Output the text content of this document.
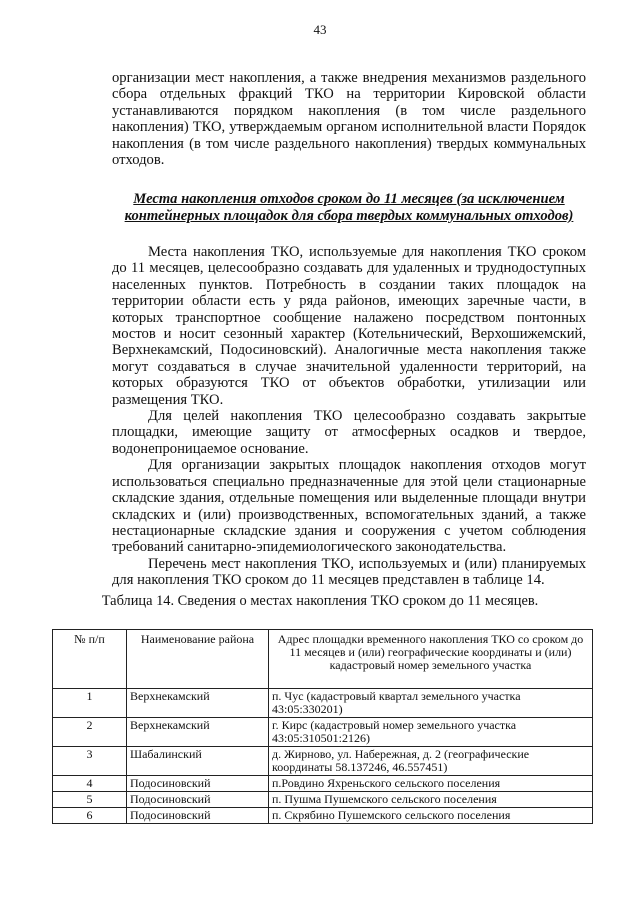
43

организации мест накопления, а также внедрения механизмов раздельного сбора отдельных фракций ТКО на территории Кировской области устанавливаются порядком накопления (в том числе раздельного накопления) ТКО, утверждаемым органом исполнительной власти Порядок накопления (в том числе раздельного накопления) твердых коммунальных отходов.

Места накопления отходов сроком до 11 месяцев (за исключением контейнерных площадок для сбора твердых коммунальных отходов)

Места накопления ТКО, используемые для накопления ТКО сроком до 11 месяцев, целесообразно создавать для удаленных и труднодоступных населенных пунктов. Потребность в создании таких площадок на территории области есть у ряда районов, имеющих заречные части, в которых транспортное сообщение налажено посредством понтонных мостов и носит сезонный характер (Котельничеcкий, Верхошижемский, Верхнекамский, Подосиновский). Аналогичные места накопления также могут создаваться в случае значительной удаленности территорий, на которых образуются ТКО от объектов обработки, утилизации или размещения ТКО.

Для целей накопления ТКО целесообразно создавать закрытые площадки, имеющие защиту от атмосферных осадков и твердое, водонепроницаемое основание.

Для организации закрытых площадок накопления отходов могут использоваться специально предназначенные для этой цели стационарные складские здания, отдельные помещения или выделенные площади внутри складских и (или) производственных, вспомогательных зданий, а также нестационарные складские здания и сооружения с учетом соблюдения требований санитарно-эпидемиологического законодательства.

Перечень мест накопления ТКО, используемых и (или) планируемых для накопления ТКО сроком до 11 месяцев представлен в таблице 14.

Таблица 14. Сведения о местах накопления ТКО сроком до 11 месяцев.
№ п/п	Наименование района	Адрес площадки временного накопления ТКО со сроком до 11 месяцев и (или) географические координаты и (или) кадастровый номер земельного участка
1	Верхнекамский	п. Чус (кадастровый квартал земельного участка 43:05:330201)
2	Верхнекамский	г. Кирс (кадастровый номер земельного участка 43:05:310501:2126)
3	Шабалинский	д. Жирново, ул. Набережная, д. 2 (географические координаты 58.137246, 46.557451)
4	Подосиновский	п.Ровдино Яхреньского сельского поселения
5	Подосиновский	п. Пушма Пушемского сельского поселения
6	Подосиновский	п. Скрябино Пушемского сельского поселения
